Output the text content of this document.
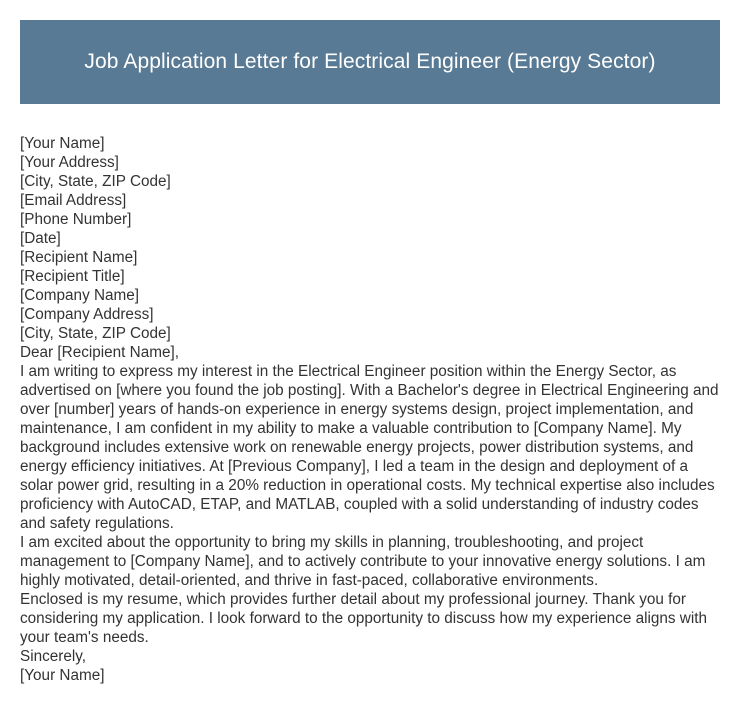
Job Application Letter for Electrical Engineer (Energy Sector)
[Your Name]
[Your Address]
[City, State, ZIP Code]
[Email Address]
[Phone Number]
[Date]
[Recipient Name]
[Recipient Title]
[Company Name]
[Company Address]
[City, State, ZIP Code]
Dear [Recipient Name],
I am writing to express my interest in the Electrical Engineer position within the Energy Sector, as advertised on [where you found the job posting]. With a Bachelor's degree in Electrical Engineering and over [number] years of hands-on experience in energy systems design, project implementation, and maintenance, I am confident in my ability to make a valuable contribution to [Company Name]. My background includes extensive work on renewable energy projects, power distribution systems, and energy efficiency initiatives. At [Previous Company], I led a team in the design and deployment of a solar power grid, resulting in a 20% reduction in operational costs. My technical expertise also includes proficiency with AutoCAD, ETAP, and MATLAB, coupled with a solid understanding of industry codes and safety regulations.
I am excited about the opportunity to bring my skills in planning, troubleshooting, and project management to [Company Name], and to actively contribute to your innovative energy solutions. I am highly motivated, detail-oriented, and thrive in fast-paced, collaborative environments.
Enclosed is my resume, which provides further detail about my professional journey. Thank you for considering my application. I look forward to the opportunity to discuss how my experience aligns with your team's needs.
Sincerely,
[Your Name]
